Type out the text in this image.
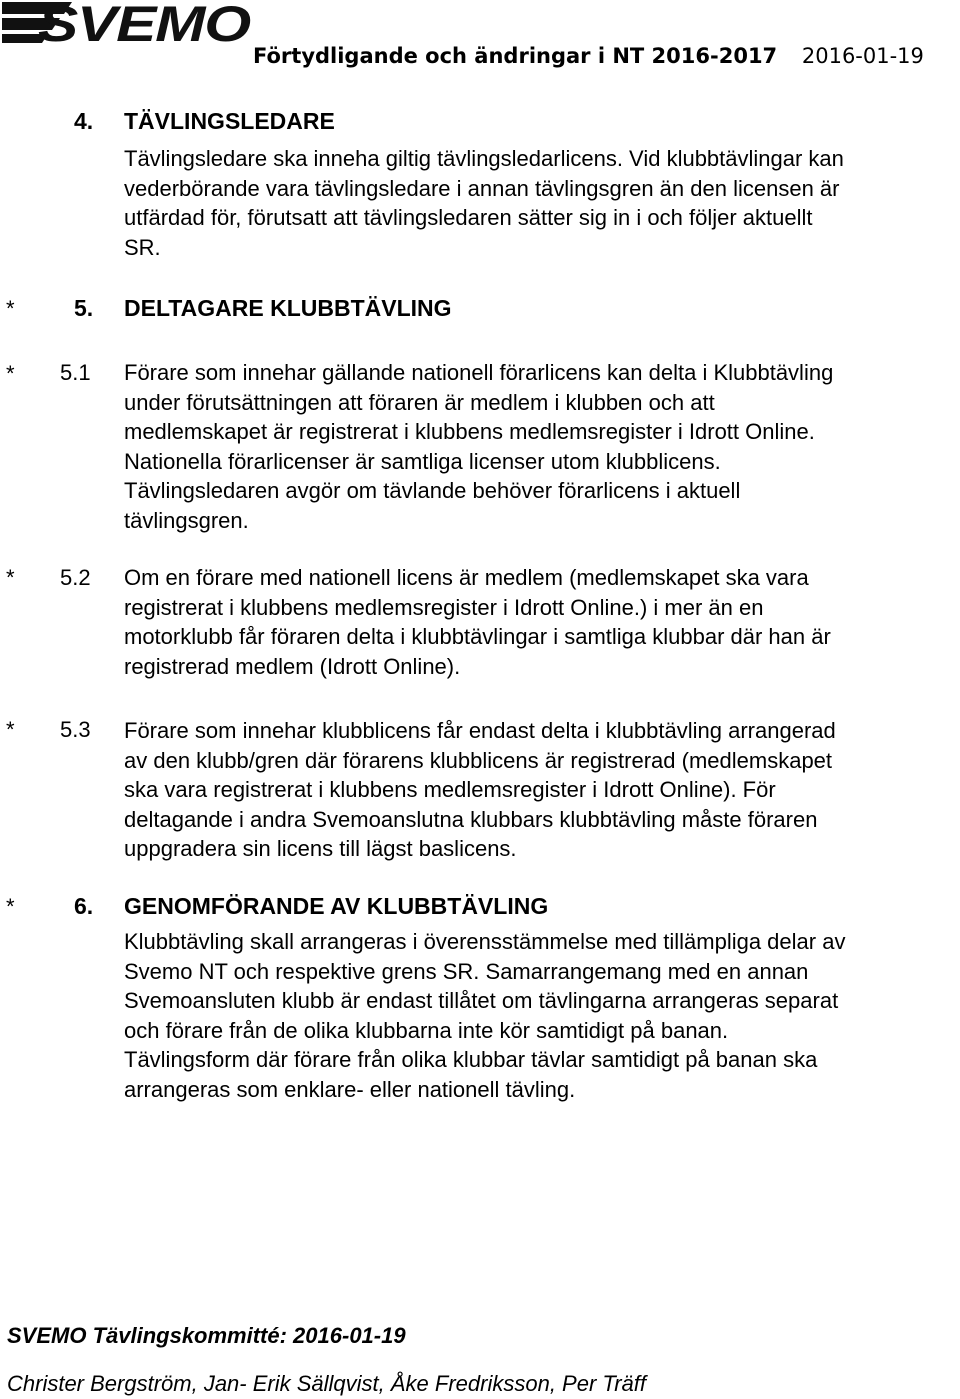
SVEMO
Förtydligande och ändringar i NT 2016-2017 2016-01-19
4. TÄVLINGSLEDARE
Tävlingsledare ska inneha giltig tävlingsledarlicens. Vid klubbtävlingar kan
vederbörande vara tävlingsledare i annan tävlingsgren än den licensen är
utfärdad för, förutsatt att tävlingsledaren sätter sig in i och följer aktuellt
SR.
*	5. DELTAGARE KLUBBTÄVLING
* 5.1 Förare som innehar gällande nationell förarlicens kan delta i Klubbtävling
under förutsättningen att föraren är medlem i klubben och att
medlemskapet är registrerat i klubbens medlemsregister i Idrott Online.
Nationella förarlicenser är samtliga licenser utom klubblicens.
Tävlingsledaren avgör om tävlande behöver förarlicens i aktuell
tävlingsgren.
* 5.2 Om en förare med nationell licens är medlem (medlemskapet ska vara
registrerat i klubbens medlemsregister i Idrott Online.) i mer än en
motorklubb får föraren delta i klubbtävlingar i samtliga klubbar där han är
registrerad medlem (Idrott Online).
* 5.3 Förare som innehar klubblicens får endast delta i klubbtävling arrangerad
av den klubb/gren där förarens klubblicens är registrerad (medlemskapet
ska vara registrerat i klubbens medlemsregister i Idrott Online). För
deltagande i andra Svemoanslutna klubbars klubbtävling måste föraren
uppgradera sin licens till lägst baslicens.
*	6. GENOMFÖRANDE AV KLUBBTÄVLING
Klubbtävling skall arrangeras i överensstämmelse med tillämpliga delar av
Svemo NT och respektive grens SR. Samarrangemang med en annan
Svemoansluten klubb är endast tillåtet om tävlingarna arrangeras separat
och förare från de olika klubbarna inte kör samtidigt på banan.
Tävlingsform där förare från olika klubbar tävlar samtidigt på banan ska
arrangeras som enklare- eller nationell tävling.
SVEMO Tävlingskommitté: 2016-01-19
Christer Bergström, Jan- Erik Sällqvist, Åke Fredriksson, Per Träff
